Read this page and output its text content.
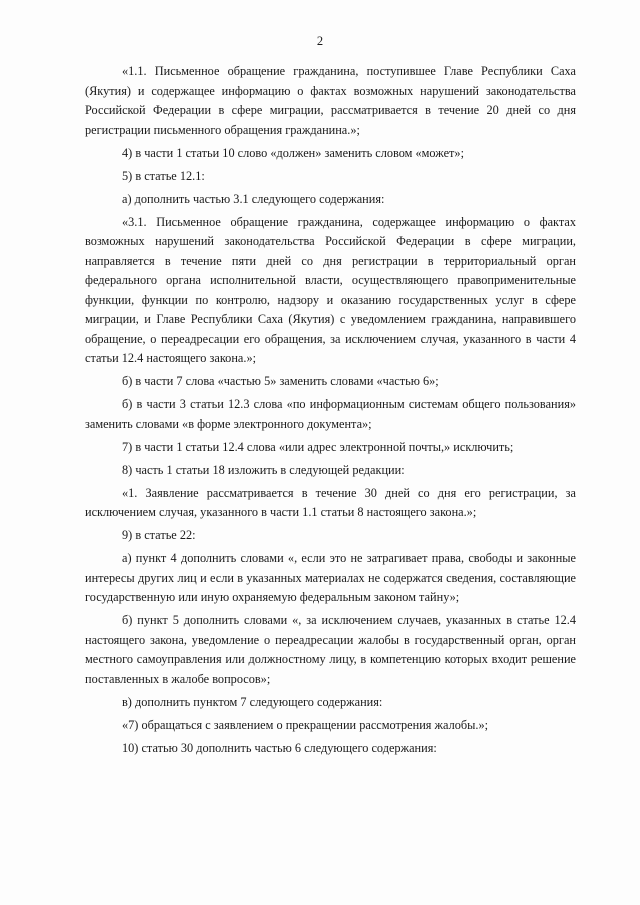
2

«1.1. Письменное обращение гражданина, поступившее Главе Республики Саха (Якутия) и содержащее информацию о фактах возможных нарушений законодательства Российской Федерации в сфере миграции, рассматривается в течение 20 дней со дня регистрации письменного обращения гражданина.»;

4) в части 1 статьи 10 слово «должен» заменить словом «может»;

5) в статье 12.1:

а) дополнить частью 3.1 следующего содержания:

«3.1. Письменное обращение гражданина, содержащее информацию о фактах возможных нарушений законодательства Российской Федерации в сфере миграции, направляется в течение пяти дней со дня регистрации в территориальный орган федерального органа исполнительной власти, осуществляющего правоприменительные функции, функции по контролю, надзору и оказанию государственных услуг в сфере миграции, и Главе Республики Саха (Якутия) с уведомлением гражданина, направившего обращение, о переадресации его обращения, за исключением случая, указанного в части 4 статьи 12.4 настоящего закона.»;

б) в части 7 слова «частью 5» заменить словами «частью 6»;

б) в части 3 статьи 12.3 слова «по информационным системам общего пользования» заменить словами «в форме электронного документа»;

7) в части 1 статьи 12.4 слова «или адрес электронной почты,» исключить;

8) часть 1 статьи 18 изложить в следующей редакции:

«1. Заявление рассматривается в течение 30 дней со дня его регистрации, за исключением случая, указанного в части 1.1 статьи 8 настоящего закона.»;

9) в статье 22:

а) пункт 4 дополнить словами «, если это не затрагивает права, свободы и законные интересы других лиц и если в указанных материалах не содержатся сведения, составляющие государственную или иную охраняемую федеральным законом тайну»;

б) пункт 5 дополнить словами «, за исключением случаев, указанных в статье 12.4 настоящего закона, уведомление о переадресации жалобы в государственный орган, орган местного самоуправления или должностному лицу, в компетенцию которых входит решение поставленных в жалобе вопросов»;

в) дополнить пунктом 7 следующего содержания:

«7) обращаться с заявлением о прекращении рассмотрения жалобы.»;

10) статью 30 дополнить частью 6 следующего содержания:
